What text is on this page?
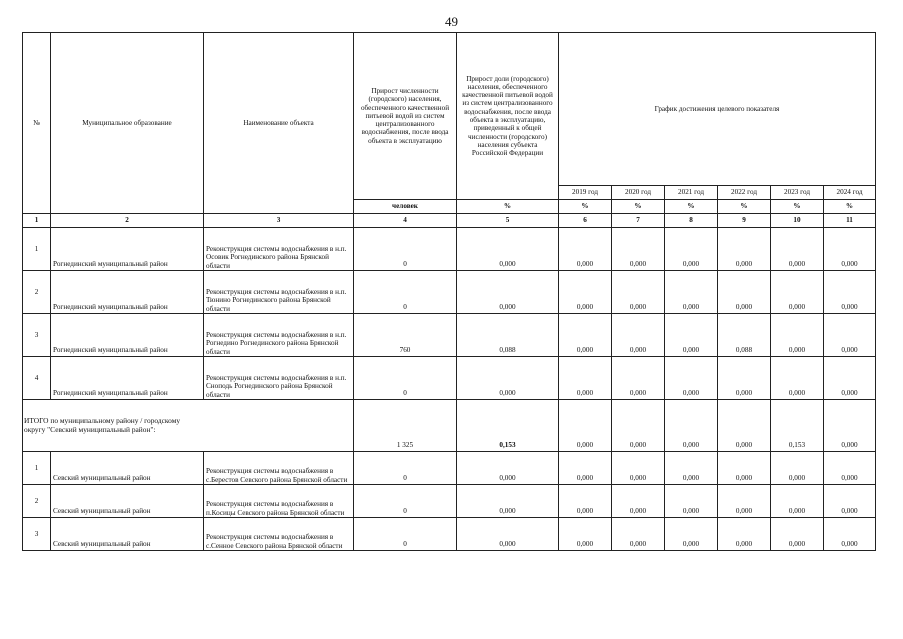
49
№	Муниципальное образование	Наименование объекта	Прирост численности (городского) населения, обеспеченного качественной питьевой водой из систем централизованного водоснабжения, после ввода объекта в эксплуатацию	Прирост доли (городского) населения, обеспеченного качественной питьевой водой из систем централизованного водоснабжения, после ввода объекта в эксплуатацию, приведенный к общей численности (городского) населения субъекта Российской Федерации	График достижения целевого показателя					
					2019 год	2020 год	2021 год	2022 год	2023 год	2024 год
			человек	%	%	%	%	%	%	%
1	2	3	4	5	6	7	8	9	10	11
1	Рогнединский муниципальный район	Реконструкция системы водоснабжения в н.п. Осовик Рогнединского района Брянской области	0	0,000	0,000	0,000	0,000	0,000	0,000	0,000
2	Рогнединский муниципальный район	Реконструкция системы водоснабжения в н.п. Тюнино Рогнединского района Брянской области	0	0,000	0,000	0,000	0,000	0,000	0,000	0,000
3	Рогнединский муниципальный район	Реконструкция системы водоснабжения в н.п. Рогнедино Рогнединского района Брянской области	760	0,088	0,000	0,000	0,000	0,088	0,000	0,000
4	Рогнединский муниципальный район	Реконструкция системы водоснабжения в н.п. Сноподь Рогнединского района Брянской области	0	0,000	0,000	0,000	0,000	0,000	0,000	0,000
ИТОГО по муниципальному району / городскому округу "Севский муниципальный район":			1 325	0,153	0,000	0,000	0,000	0,000	0,153	0,000
1	Севский муниципальный район	Реконструкция системы водоснабжения в с.Берестов Севского района Брянской области	0	0,000	0,000	0,000	0,000	0,000	0,000	0,000
2	Севский муниципальный район	Реконструкция системы водоснабжения в п.Косицы Севского района Брянской области	0	0,000	0,000	0,000	0,000	0,000	0,000	0,000
3	Севский муниципальный район	Реконструкция системы водоснабжения в с.Сенное Севского района Брянской области	0	0,000	0,000	0,000	0,000	0,000	0,000	0,000
